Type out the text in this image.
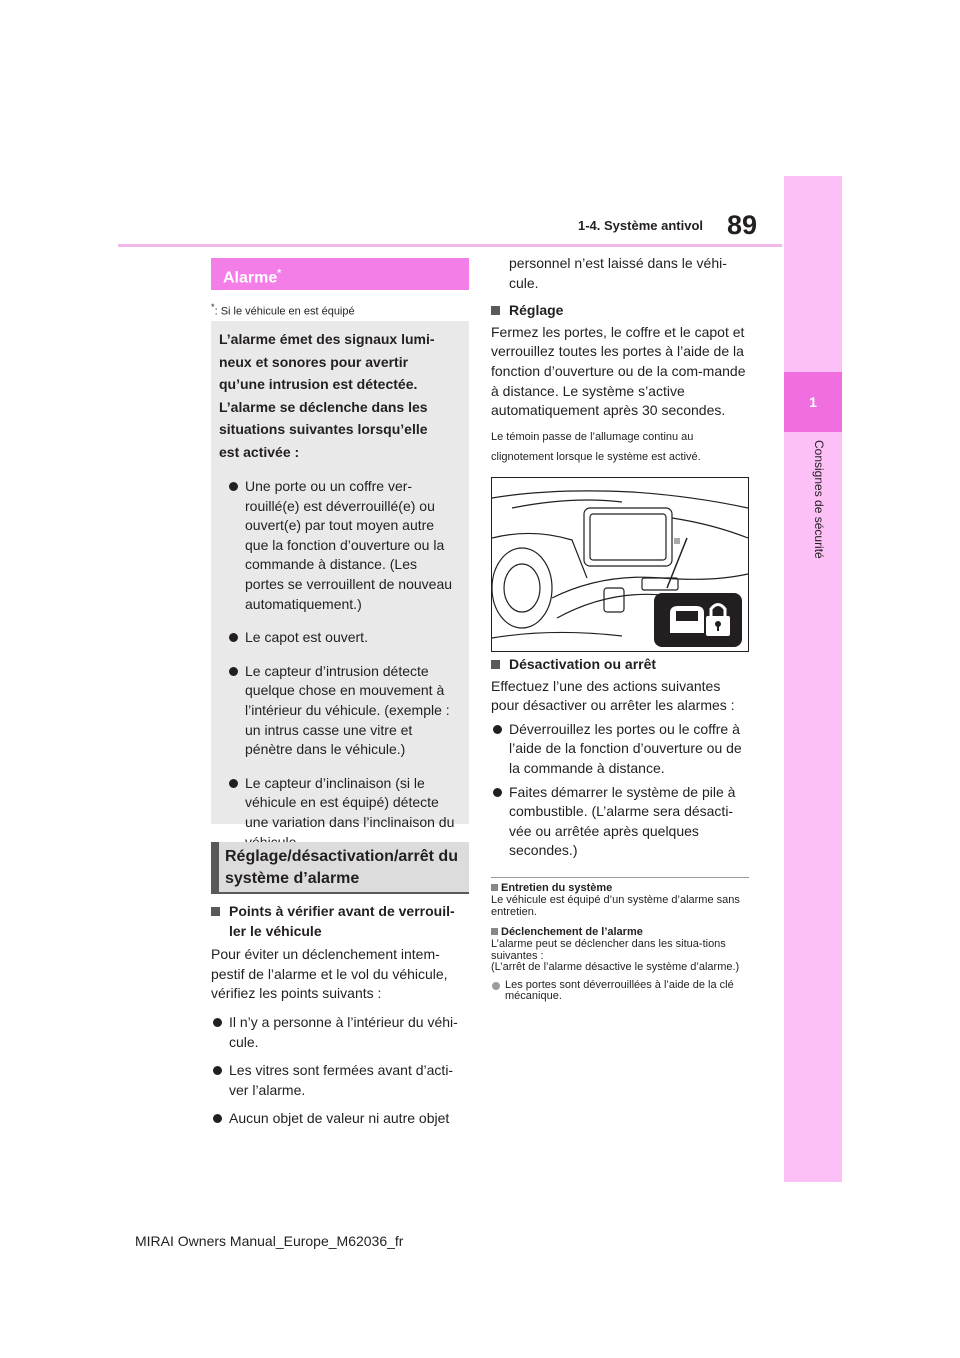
1-4. Système antivol 89
1
Consignes de sécurité
Alarme*
*: Si le véhicule en est équipé
L’alarme émet des signaux lumi-
neux et sonores pour avertir
qu’une intrusion est détectée.
L’alarme se déclenche dans les
situations suivantes lorsqu’elle
est activée :
Une porte ou un coffre ver-rouillé(e) est déverrouillé(e) ou ouvert(e) par tout moyen autre que la fonction d’ouverture ou la commande à distance. (Les portes se verrouillent de nouveau automatiquement.)
Le capot est ouvert.
Le capteur d’intrusion détecte quelque chose en mouvement à l’intérieur du véhicule. (exemple : un intrus casse une vitre et pénètre dans le véhicule.)
Le capteur d’inclinaison (si le véhicule en est équipé) détecte une variation dans l’inclinaison du
Réglage/désactivation/arrêt du
système d’alarme
Points à vérifier avant de verrouil-ler le véhicule
Pour éviter un déclenchement intem-pestif de l’alarme et le vol du véhicule, vérifiez les points suivants :
Il n’y a personne à l’intérieur du véhi-cule.
Les vitres sont fermées avant d’acti-ver l’alarme.
Aucun objet de valeur ni autre objet
personnel n’est laissé dans le véhi-cule.
Réglage
Fermez les portes, le coffre et le capot et verrouillez toutes les portes à l’aide de la fonction d’ouverture ou de la com-mande à distance. Le système s’active automatiquement après 30 secondes.
Le témoin passe de l’allumage continu au clignotement lorsque le système est activé.
Désactivation ou arrêt
Effectuez l’une des actions suivantes pour désactiver ou arrêter les alarmes :
Déverrouillez les portes ou le coffre à l’aide de la fonction d’ouverture ou de la commande à distance.
Faites démarrer le système de pile à combustible. (L’alarme sera désacti-vée ou arrêtée après quelques secondes.)
Entretien du système
Le véhicule est équipé d’un système d’alarme sans entretien.
Déclenchement de l’alarme
L’alarme peut se déclencher dans les situa-tions suivantes :
(L’arrêt de l’alarme désactive le système d’alarme.)
Les portes sont déverrouillées à l’aide de la clé mécanique.
MIRAI Owners Manual_Europe_M62036_fr
